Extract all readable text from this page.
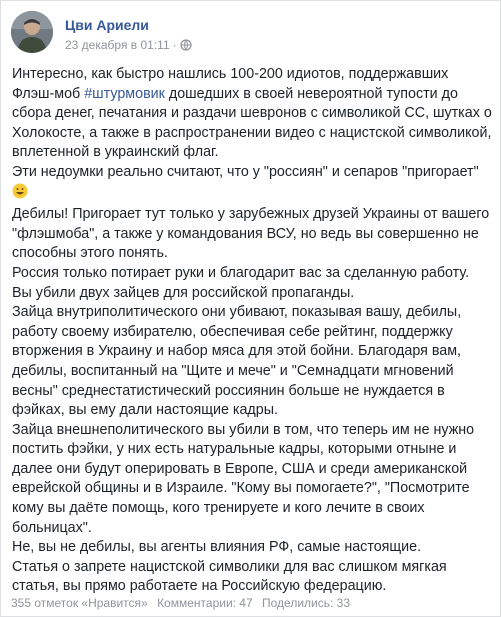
Цви Ариели
23 декабря в 01:11 ·

Интересно, как быстро нашлись 100-200 идиотов, поддержавших Флэш-моб #штурмовик дошедших в своей невероятной тупости до сбора денег, печатания и раздачи шевронов с символикой СС, шутках о Холокосте, а также в распространении видео с нацистской символикой, вплетенной в украинский флаг.

Эти недоумки реально считают, что у "россиян" и сепаров "пригорает"

Дебилы! Пригорает тут только у зарубежных друзей Украины от вашего "флэшмоба", а также у командования ВСУ, но ведь вы совершенно не способны этого понять.

Россия только потирает руки и благодарит вас за сделанную работу. Вы убили двух зайцев для российской пропаганды.

Зайца внутриполитического они убивают, показывая вашу, дебилы, работу своему избирателю, обеспечивая себе рейтинг, поддержку вторжения в Украину и набор мяса для этой бойни. Благодаря вам, дебилы, воспитанный на "Щите и мече" и "Семнадцати мгновений весны" среднестатистический россиянин больше не нуждается в фэйках, вы ему дали настоящие кадры.

Зайца внешнеполитического вы убили в том, что теперь им не нужно постить фэйки, у них есть натуральные кадры, которыми отныне и далее они будут оперировать в Европе, США и среди американской еврейской общины и в Израиле. "Кому вы помогаете?", "Посмотрите кому вы даёте помощь, кого тренируете и кого лечите в своих больницах".

Не, вы не дебилы, вы агенты влияния РФ, самые настоящие.

Статья о запрете нацистской символики для вас слишком мягкая статья, вы прямо работаете на Российскую федерацию.

355 отметок «Нравится» Комментарии: 47 Поделились: 33
